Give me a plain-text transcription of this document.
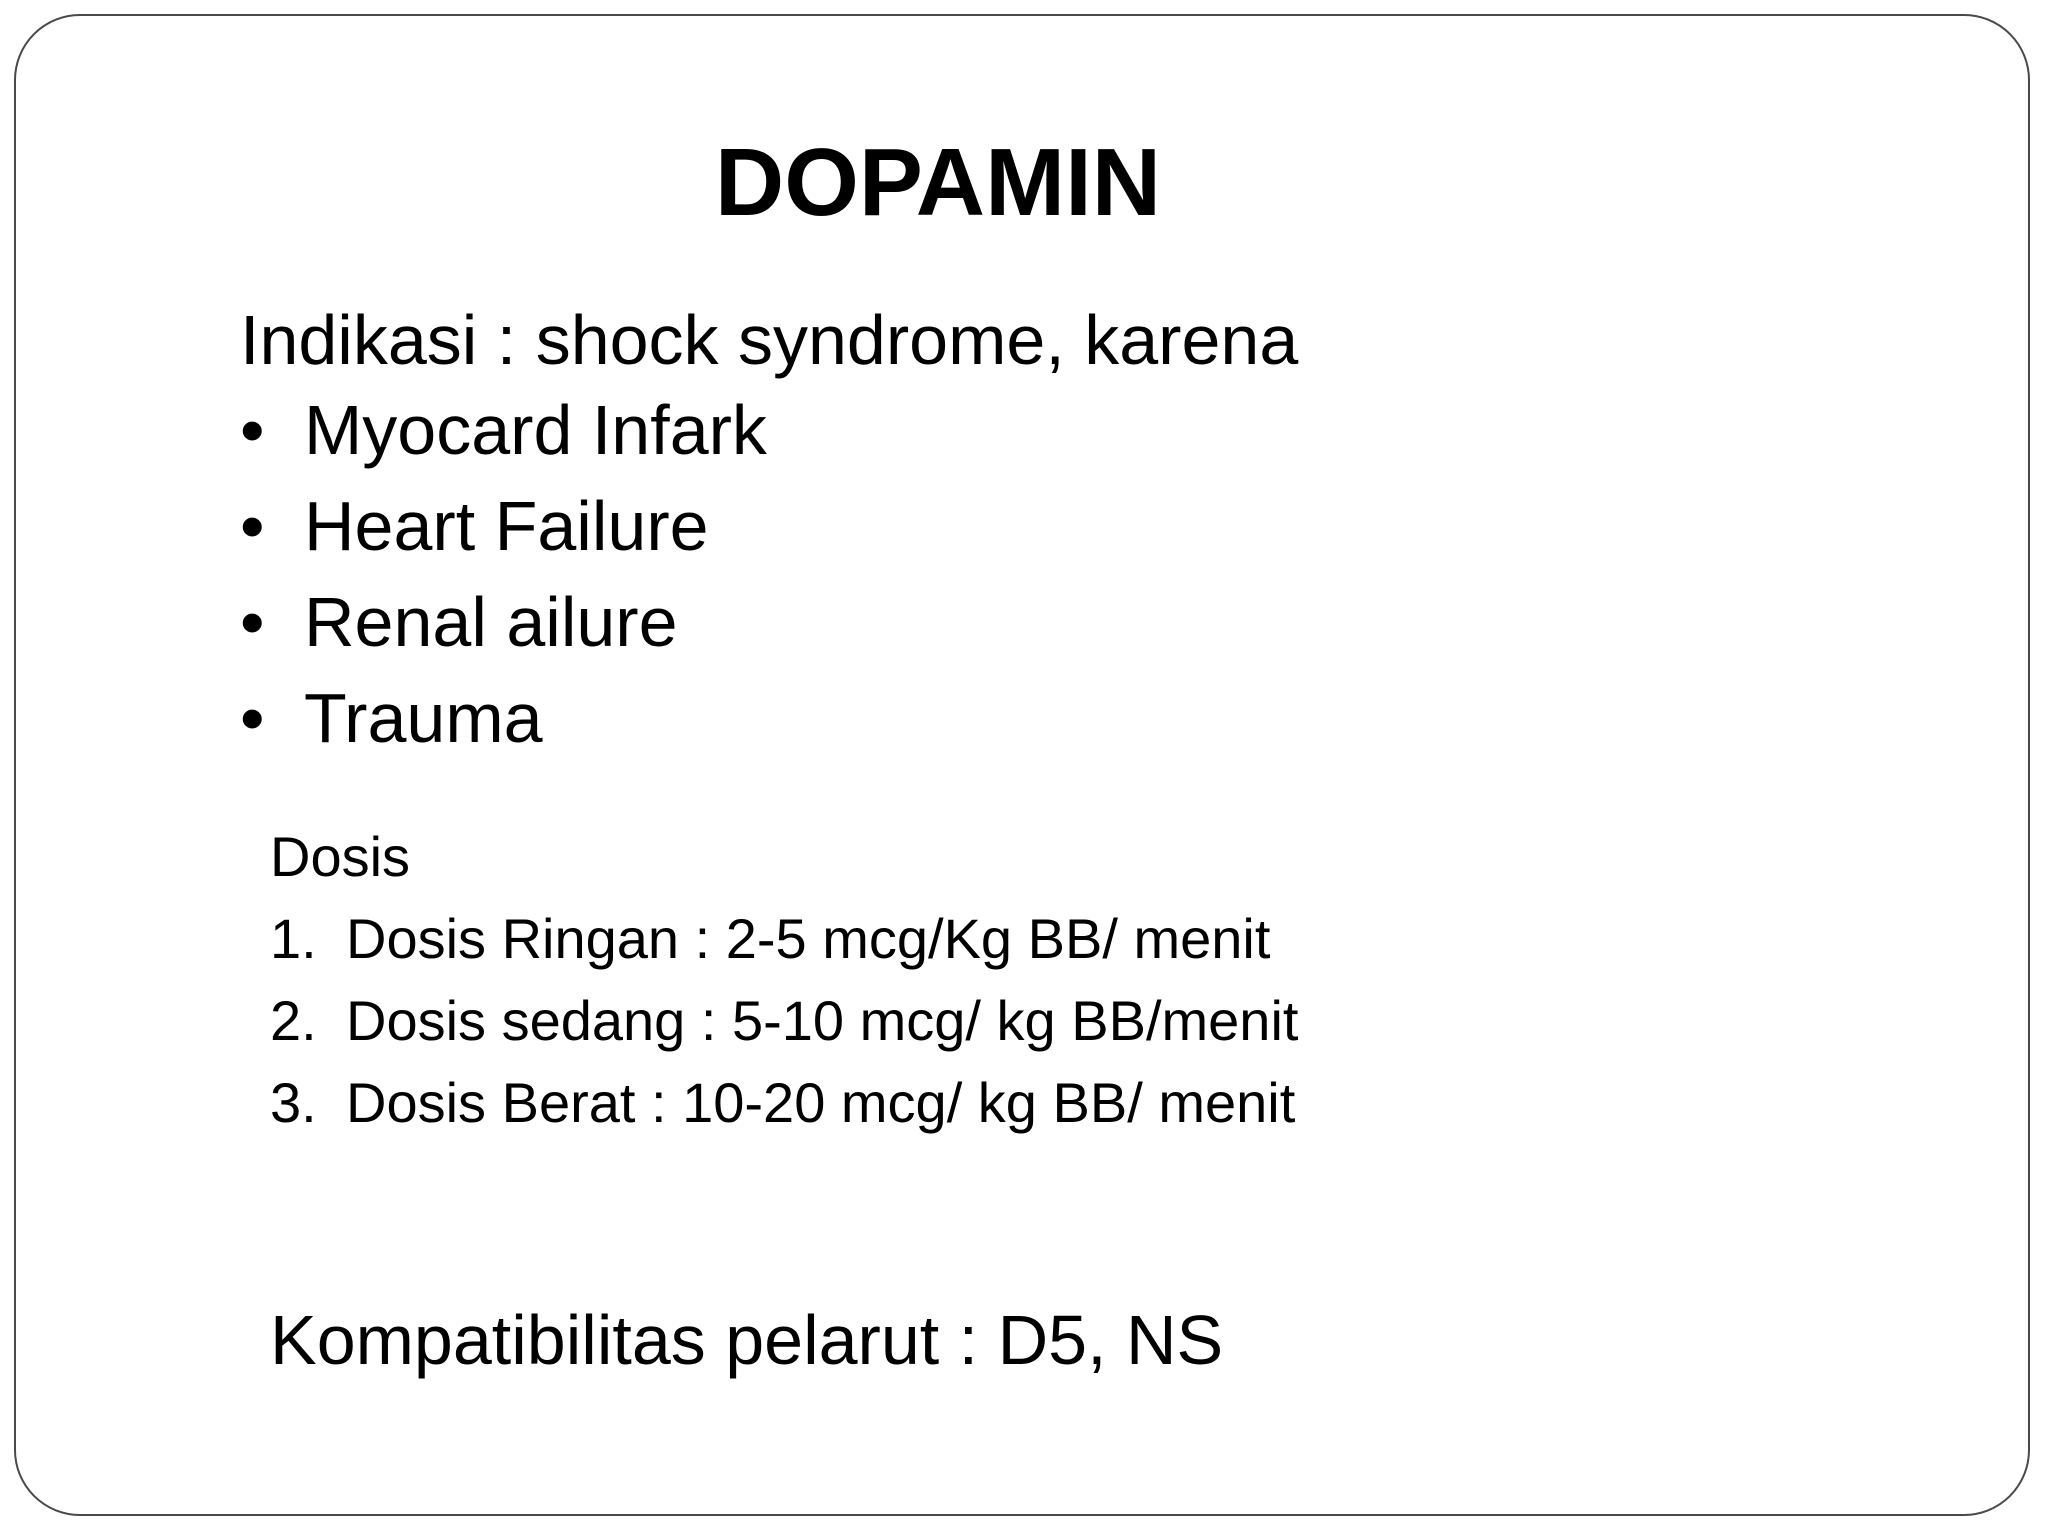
DOPAMIN
Indikasi : shock syndrome, karena
• Myocard Infark
• Heart Failure
• Renal ailure
• Trauma
Dosis
1. Dosis Ringan : 2-5 mcg/Kg BB/ menit
2. Dosis sedang : 5-10 mcg/ kg BB/menit
3. Dosis Berat : 10-20 mcg/ kg BB/ menit
Kompatibilitas pelarut : D5, NS
